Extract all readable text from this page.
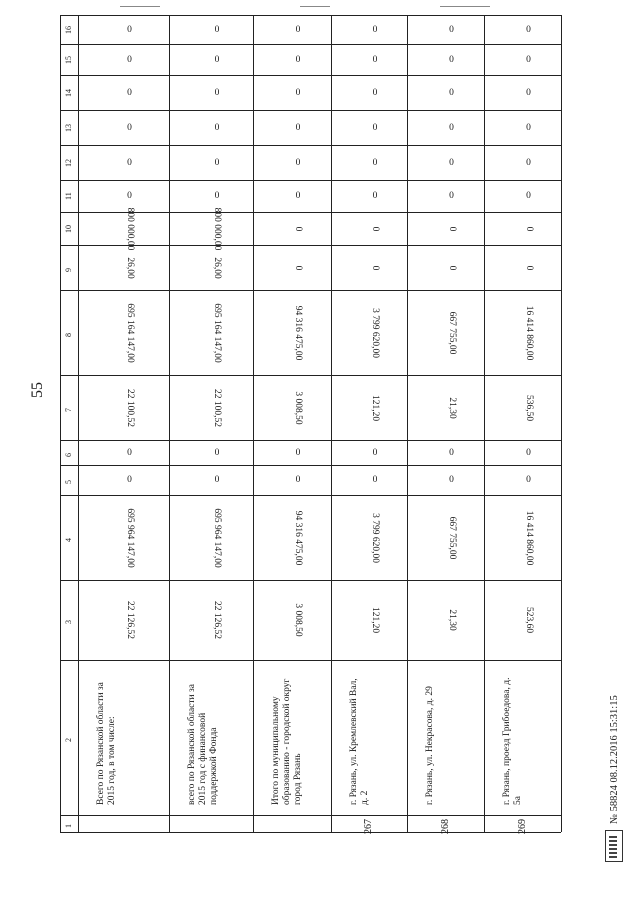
55
1
2
3
4
5
6
7
8
9
10
11
12
13
14
15
16
Всего по Рязанской области за 2015 год, в том числе:
22 126,52
695 964 147,00
0
0
22 100,52
695 164 147,00
26,00
800 000,00
0
0
0
0
0
0
всего по Рязанской области за 2015 год с финансовой поддержкой Фонда
22 126,52
695 964 147,00
0
0
22 100,52
695 164 147,00
26,00
800 000,00
0
0
0
0
0
0
Итого по муниципальному образованию - городской округ город Рязань
3 008,50
94 316 475,00
0
0
3 008,50
94 316 475,00
0
0
0
0
0
0
0
0
267
г. Рязань, ул. Кремлевский Вал, д. 2
121,20
3 799 620,00
0
0
121,20
3 799 620,00
0
0
0
0
0
0
0
0
268
г. Рязань, ул. Некрасова, д. 29
21,30
667 755,00
0
0
21,30
667 755,00
0
0
0
0
0
0
0
0
269
г. Рязань, проезд Грибоедова, д. 5а
523,60
16 414 860,00
0
0
536,50
16 414 860,00
0
0
0
0
0
0
0
0
№ 58824 08.12.2016 15:31:15
